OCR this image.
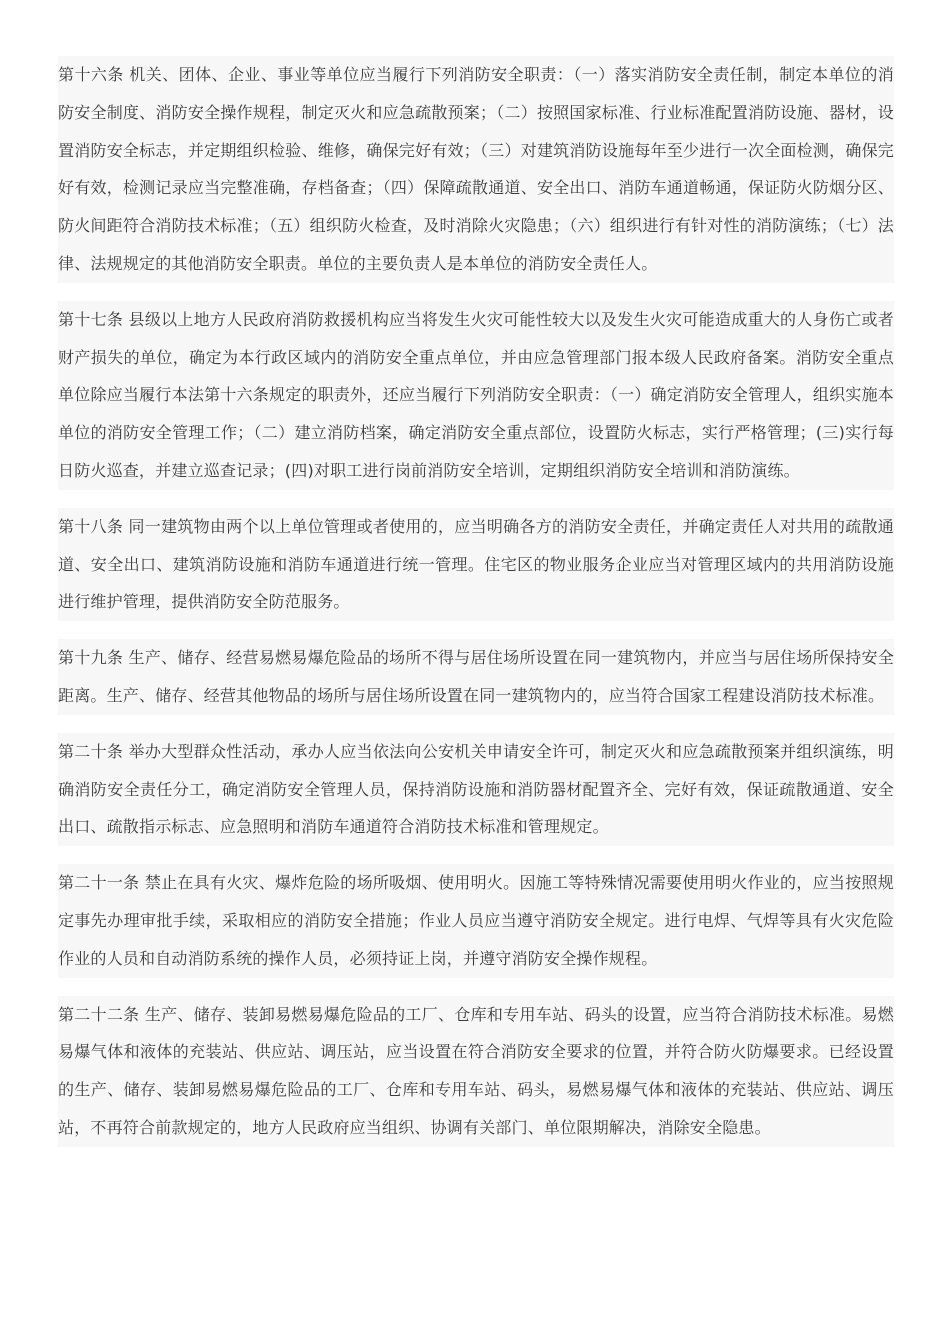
第十六条 机关、团体、企业、事业等单位应当履行下列消防安全职责：（一）落实消防安全责任制，制定本单位的消防安全制度、消防安全操作规程，制定灭火和应急疏散预案；（二）按照国家标准、行业标准配置消防设施、器材，设置消防安全标志，并定期组织检验、维修，确保完好有效；（三）对建筑消防设施每年至少进行一次全面检测，确保完好有效，检测记录应当完整准确，存档备查；（四）保障疏散通道、安全出口、消防车通道畅通，保证防火防烟分区、防火间距符合消防技术标准；（五）组织防火检查，及时消除火灾隐患；（六）组织进行有针对性的消防演练；（七）法律、法规规定的其他消防安全职责。单位的主要负责人是本单位的消防安全责任人。

第十七条 县级以上地方人民政府消防救援机构应当将发生火灾可能性较大以及发生火灾可能造成重大的人身伤亡或者财产损失的单位，确定为本行政区域内的消防安全重点单位，并由应急管理部门报本级人民政府备案。消防安全重点单位除应当履行本法第十六条规定的职责外，还应当履行下列消防安全职责：（一）确定消防安全管理人，组织实施本单位的消防安全管理工作；（二）建立消防档案，确定消防安全重点部位，设置防火标志，实行严格管理；(三)实行每日防火巡查，并建立巡查记录；(四)对职工进行岗前消防安全培训，定期组织消防安全培训和消防演练。

第十八条 同一建筑物由两个以上单位管理或者使用的，应当明确各方的消防安全责任，并确定责任人对共用的疏散通道、安全出口、建筑消防设施和消防车通道进行统一管理。住宅区的物业服务企业应当对管理区域内的共用消防设施进行维护管理，提供消防安全防范服务。

第十九条 生产、储存、经营易燃易爆危险品的场所不得与居住场所设置在同一建筑物内，并应当与居住场所保持安全距离。生产、储存、经营其他物品的场所与居住场所设置在同一建筑物内的，应当符合国家工程建设消防技术标准。

第二十条 举办大型群众性活动，承办人应当依法向公安机关申请安全许可，制定灭火和应急疏散预案并组织演练，明确消防安全责任分工，确定消防安全管理人员，保持消防设施和消防器材配置齐全、完好有效，保证疏散通道、安全出口、疏散指示标志、应急照明和消防车通道符合消防技术标准和管理规定。

第二十一条 禁止在具有火灾、爆炸危险的场所吸烟、使用明火。因施工等特殊情况需要使用明火作业的，应当按照规定事先办理审批手续，采取相应的消防安全措施；作业人员应当遵守消防安全规定。进行电焊、气焊等具有火灾危险作业的人员和自动消防系统的操作人员，必须持证上岗，并遵守消防安全操作规程。

第二十二条 生产、储存、装卸易燃易爆危险品的工厂、仓库和专用车站、码头的设置，应当符合消防技术标准。易燃易爆气体和液体的充装站、供应站、调压站，应当设置在符合消防安全要求的位置，并符合防火防爆要求。已经设置的生产、储存、装卸易燃易爆危险品的工厂、仓库和专用车站、码头，易燃易爆气体和液体的充装站、供应站、调压站，不再符合前款规定的，地方人民政府应当组织、协调有关部门、单位限期解决，消除安全隐患。
